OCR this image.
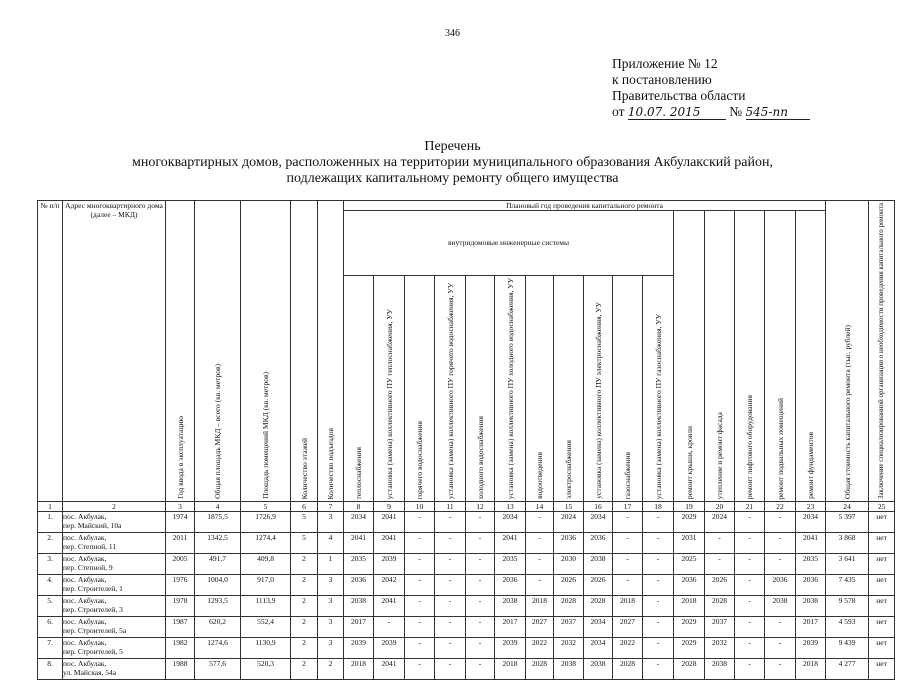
346
Приложение № 12
к постановлению
Правительства области
от 10.07. 2015 № 545-пп
Перечень
многоквартирных домов, расположенных на территории муниципального образования Акбулакский район,
подлежащих капитальному ремонту общего имущества
№ п/п	Адрес многоквартирного дома (далее – МКД)	Год ввода в эксплуатацию	Общая площадь МКД – всего (кв. метров)	Площадь помещений МКД (кв. метров)	Количество этажей	Количество подъездов	Плановый год проведения капитального ремонта																Общая стоимость капитального ремонта (тыс. рублей)	Заключение специализированной организации о необходимости проведения капитального ремонта

							внутридомовые инженерные системы											ремонт крыши, кровли	утепление и ремонт фасада	ремонт лифтового оборудования	ремонт подвальных помещений	ремонт фундаментов		

							теплоснабжения	установка (замена) коллективного ПУ теплоснабжения, УУ	горячего водоснабжения	установка (замена) коллективного ПУ горячего водоснабжения, УУ	холодного водоснабжения	установка (замена) коллективного ПУ холодного водоснабжения, УУ	водоотведения	электроснабжения	установка (замена) коллективного ПУ электроснабжения, УУ	газоснабжения	установка (замена) коллективного ПУ газоснабжения, УУ							

1	2	3	4	5	6	7	8	9	10	11	12	13	14	15	16	17	18	19	20	21	22	23	24	25
1.	пос. Акбулак,
пер. Майский, 10а	1974	1875,5	1726,9	5	3	2034	2041	-	-	-	2034	-	2024	2034	-	-	2029	2024	-	-	2034	5 397	нет
2.	пос. Акбулак,
пер. Степной, 11	2011	1342,5	1274,4	5	4	2041	2041	-	-	-	2041	-	2036	2036	-	-	2031	-	-	-	2041	3 868	нет
3.	пос. Акбулак,
пер. Степной, 9	2005	491,7	409,8	2	1	2035	2039	-	-	-	2035	-	2030	2038	-	-	2025	-	-	-	2035	3 641	нет
4.	пос. Акбулак,
пер. Строителей, 1	1976	1004,0	917,0	2	3	2036	2042	-	-	-	2036	-	2026	2026	-	-	2036	2026	-	2036	2036	7 435	нет
5.	пос. Акбулак,
пер. Строителей, 3	1978	1293,5	1113,9	2	3	2038	2041	-	-	-	2038	2018	2028	2028	2018	-	2018	2028	-	2038	2038	9 578	нет
6.	пос. Акбулак,
пер. Строителей, 5а	1987	620,2	552,4	2	3	2017	-	-	-	-	2017	2027	2037	2034	2027	-	2029	2037	-	-	2017	4 593	нет
7.	пос. Акбулак,
пер. Строителей, 5	1982	1274,6	1130,9	2	3	2039	2039	-	-	-	2039	2022	2032	2034	2022	-	2029	2032	-	-	2039	9 439	нет
8.	пос. Акбулак,
ул. Майская, 54а	1988	577,6	520,3	2	2	2018	2041	-	-	-	2018	2028	2038	2038	2028	-	2028	2038	-	-	2018	4 277	нет
